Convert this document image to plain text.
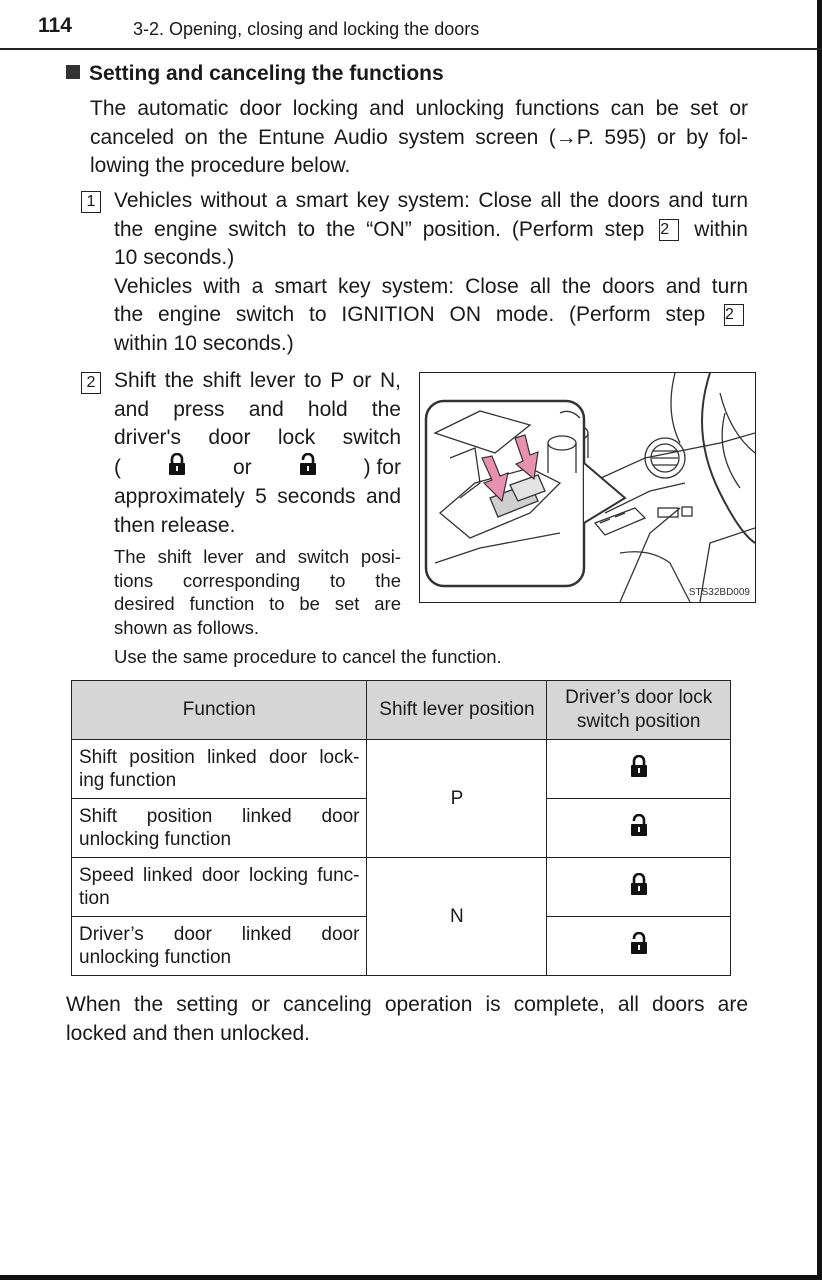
114	3-2. Opening, closing and locking the doors
Setting and canceling the functions
The automatic door locking and unlocking functions can be set or
canceled on the Entune Audio system screen (→P. 595) or by fol-
lowing the procedure below.
1 Vehicles without a smart key system: Close all the doors and turn
the engine switch to the “ON” position. (Perform step 2 within
10 seconds.)
Vehicles with a smart key system: Close all the doors and turn
the engine switch to IGNITION ON mode. (Perform step 2
within 10 seconds.)
2 Shift the shift lever to P or N,
and press and hold the
driver's door lock switch
(	or	) for
approximately 5 seconds and
then release.
The shift lever and switch posi-
tions corresponding to the
desired function to be set are
shown as follows.
Use the same procedure to cancel the function.
STS32BD009
Function	Shift lever position	Driver’s door lock switch position

Shift position linked door lock-
ing function	P	

Shift position linked door
unlocking function

Speed linked door locking func-
tion	N	

Driver’s door linked door
unlocking function

When the setting or canceling operation is complete, all doors are
locked and then unlocked.
